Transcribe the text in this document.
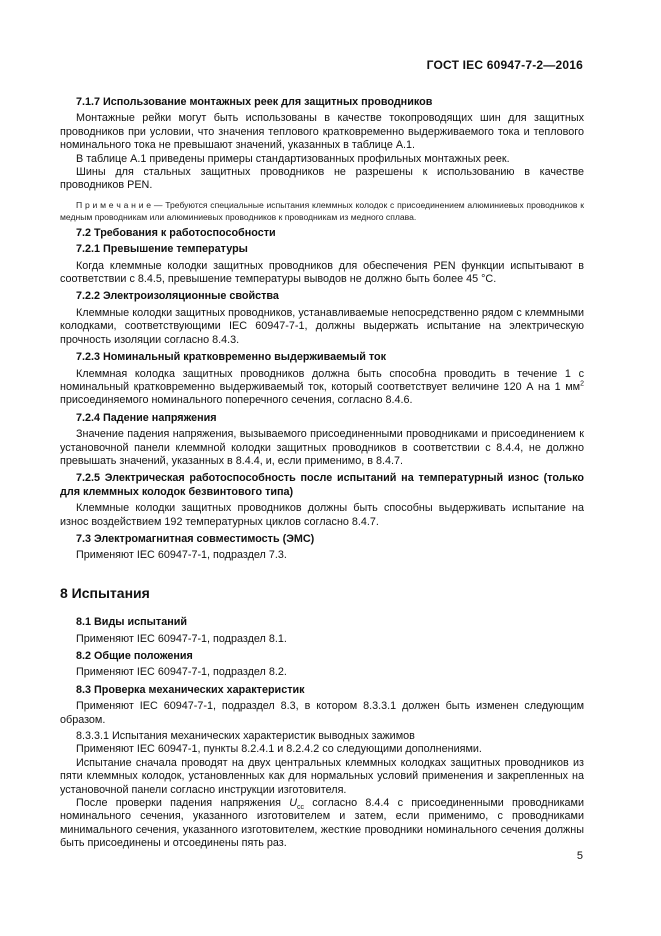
ГОСТ IEC 60947-7-2—2016

7.1.7 Использование монтажных реек для защитных проводников

Монтажные рейки могут быть использованы в качестве токопроводящих шин для защитных проводников при условии, что значения теплового кратковременно выдерживаемого тока и теплового номинального тока не превышают значений, указанных в таблице А.1.

В таблице А.1 приведены примеры стандартизованных профильных монтажных реек.

Шины для стальных защитных проводников не разрешены к использованию в качестве проводников PEN.

П р и м е ч а н и е — Требуются специальные испытания клеммных колодок с присоединением алюминиевых проводников к медным проводникам или алюминиевых проводников к проводникам из медного сплава.

7.2 Требования к работоспособности

7.2.1 Превышение температуры

Когда клеммные колодки защитных проводников для обеспечения PEN функции испытывают в соответствии с 8.4.5, превышение температуры выводов не должно быть более 45 °С.

7.2.2 Электроизоляционные свойства

Клеммные колодки защитных проводников, устанавливаемые непосредственно рядом с клеммными колодками, соответствующими IEC 60947-7-1, должны выдержать испытание на электрическую прочность изоляции согласно 8.4.3.

7.2.3 Номинальный кратковременно выдерживаемый ток

Клеммная колодка защитных проводников должна быть способна проводить в течение 1 с номинальный кратковременно выдерживаемый ток, который соответствует величине 120 А на 1 $мм^2$ присоединяемого номинального поперечного сечения, согласно 8.4.6.

7.2.4 Падение напряжения

Значение падения напряжения, вызываемого присоединенными проводниками и присоединением к установочной панели клеммной колодки защитных проводников в соответствии с 8.4.4, не должно превышать значений, указанных в 8.4.4, и, если применимо, в 8.4.7.

7.2.5 Электрическая работоспособность после испытаний на температурный износ (только для клеммных колодок безвинтового типа)

Клеммные колодки защитных проводников должны быть способны выдерживать испытание на износ воздействием 192 температурных циклов согласно 8.4.7.

7.3 Электромагнитная совместимость (ЭМС)

Применяют IEC 60947-7-1, подраздел 7.3.

8 Испытания

8.1 Виды испытаний

Применяют IEC 60947-7-1, подраздел 8.1.

8.2 Общие положения

Применяют IEC 60947-7-1, подраздел 8.2.

8.3 Проверка механических характеристик

Применяют IEC 60947-7-1, подраздел 8.3, в котором 8.3.3.1 должен быть изменен следующим образом.

8.3.3.1 Испытания механических характеристик выводных зажимов

Применяют IEC 60947-1, пункты 8.2.4.1 и 8.2.4.2 со следующими дополнениями.

Испытание сначала проводят на двух центральных клеммных колодках защитных проводников из пяти клеммных колодок, установленных как для нормальных условий применения и закрепленных на установочной панели согласно инструкции изготовителя.

После проверки падения напряжения $U_{cc}$ согласно 8.4.4 с присоединенными проводниками номинального сечения, указанного изготовителем и затем, если применимо, с проводниками минимального сечения, указанного изготовителем, жесткие проводники номинального сечения должны быть присоединены и отсоединены пять раз.

5
